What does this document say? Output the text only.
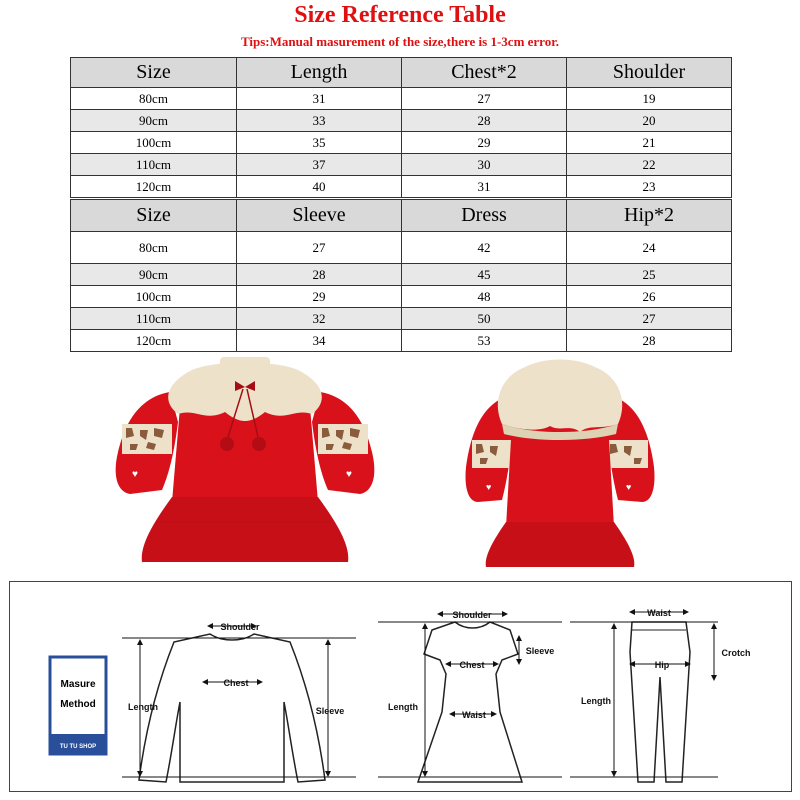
Size Reference Table
Tips:Manual masurement of the size,there is 1-3cm error.
Size	Length	Chest*2	Shoulder
80cm	31	27	19
90cm	33	28	20
100cm	35	29	21
110cm	37	30	22
120cm	40	31	23
Size	Sleeve	Dress	Hip*2
80cm	27	42	24
90cm	28	45	25
100cm	29	48	26
110cm	32	50	27
120cm	34	53	28
♥	♥
♥	♥
Masure
Method
TU TU SHOP
Shoulder
Chest
Length	Sleeve
Shoulder
Chest
Waist
Sleeve
Length
Waist
Hip
Crotch
Length
